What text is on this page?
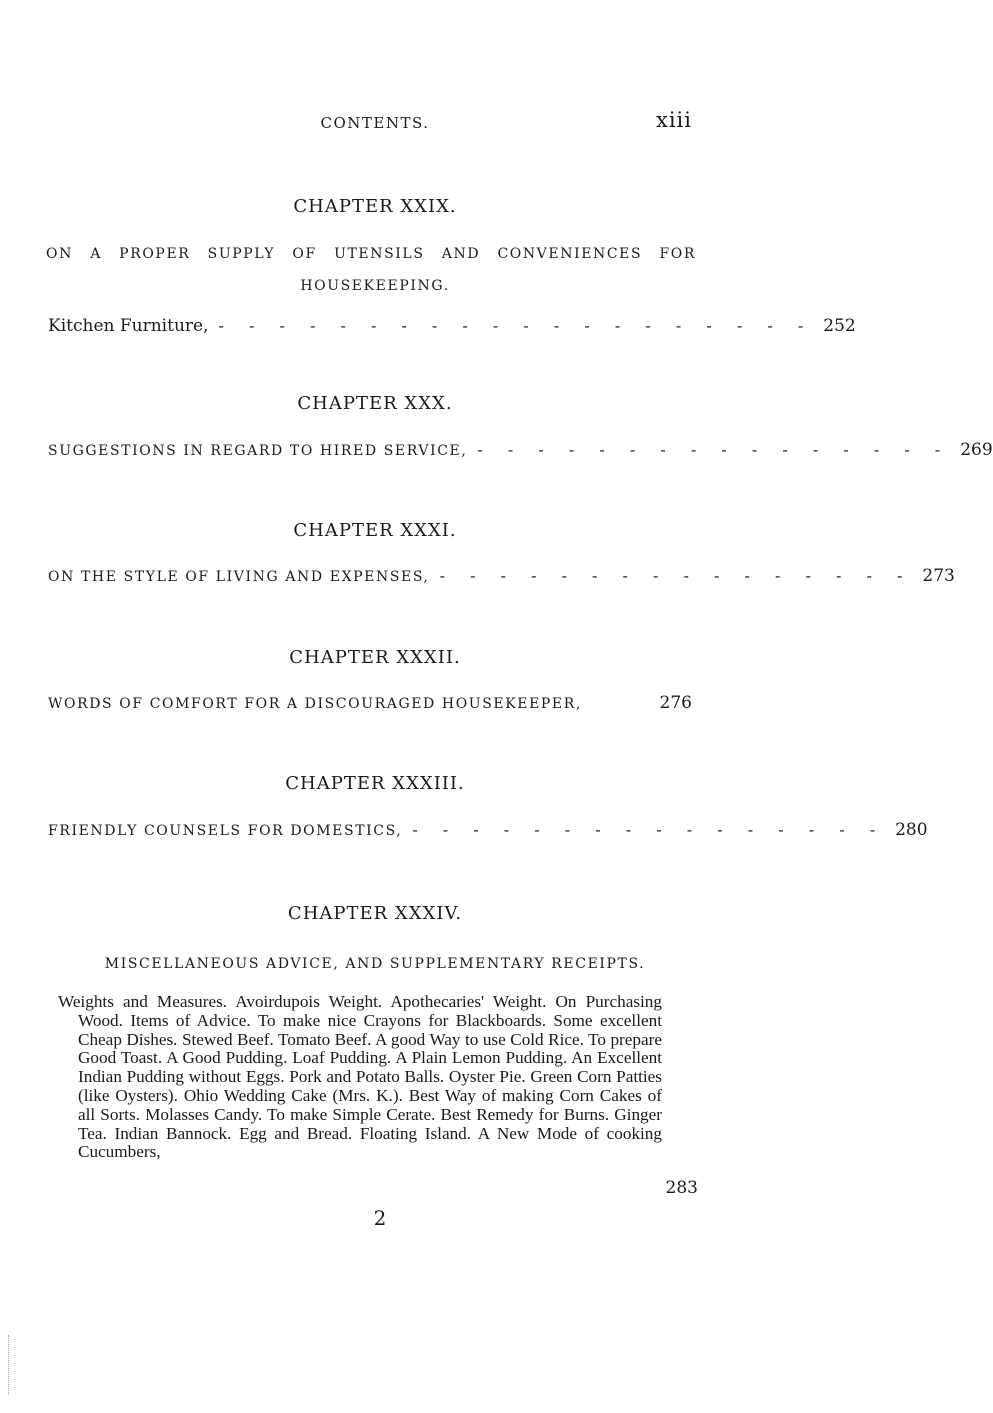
CONTENTS.	xiii
CHAPTER XXIX.
ON A PROPER SUPPLY OF UTENSILS AND CONVENIENCES FOR
HOUSEKEEPING.
Kitchen Furniture, - - - - - - - - - - - - - - - - - - - - 252
CHAPTER XXX.
SUGGESTIONS IN REGARD TO HIRED SERVICE, - - - - - - - - - - - - - - - - 269
CHAPTER XXXI.
ON THE STYLE OF LIVING AND EXPENSES, - - - - - - - - - - - - - - - - 273
CHAPTER XXXII.
WORDS OF COMFORT FOR A DISCOURAGED HOUSEKEEPER,	276
CHAPTER XXXIII.
FRIENDLY COUNSELS FOR DOMESTICS, - - - - - - - - - - - - - - - - 280
CHAPTER XXXIV.
MISCELLANEOUS ADVICE, AND SUPPLEMENTARY RECEIPTS.
Weights and Measures. Avoirdupois Weight. Apothecaries' Weight. On Purchasing Wood. Items of Advice. To make nice Crayons for Blackboards. Some excellent Cheap Dishes. Stewed Beef. Tomato Beef. A good Way to use Cold Rice. To prepare Good Toast. A Good Pudding. Loaf Pudding. A Plain Lemon Pudding. An Excellent Indian Pudding without Eggs. Pork and Potato Balls. Oyster Pie. Green Corn Patties (like Oysters). Ohio Wedding Cake (Mrs. K.). Best Way of making Corn Cakes of all Sorts. Molasses Candy. To make Simple Cerate. Best Remedy for Burns. Ginger Tea. Indian Bannock. Egg and Bread. Floating Island. A New Mode of cooking Cucumbers,
283
2
